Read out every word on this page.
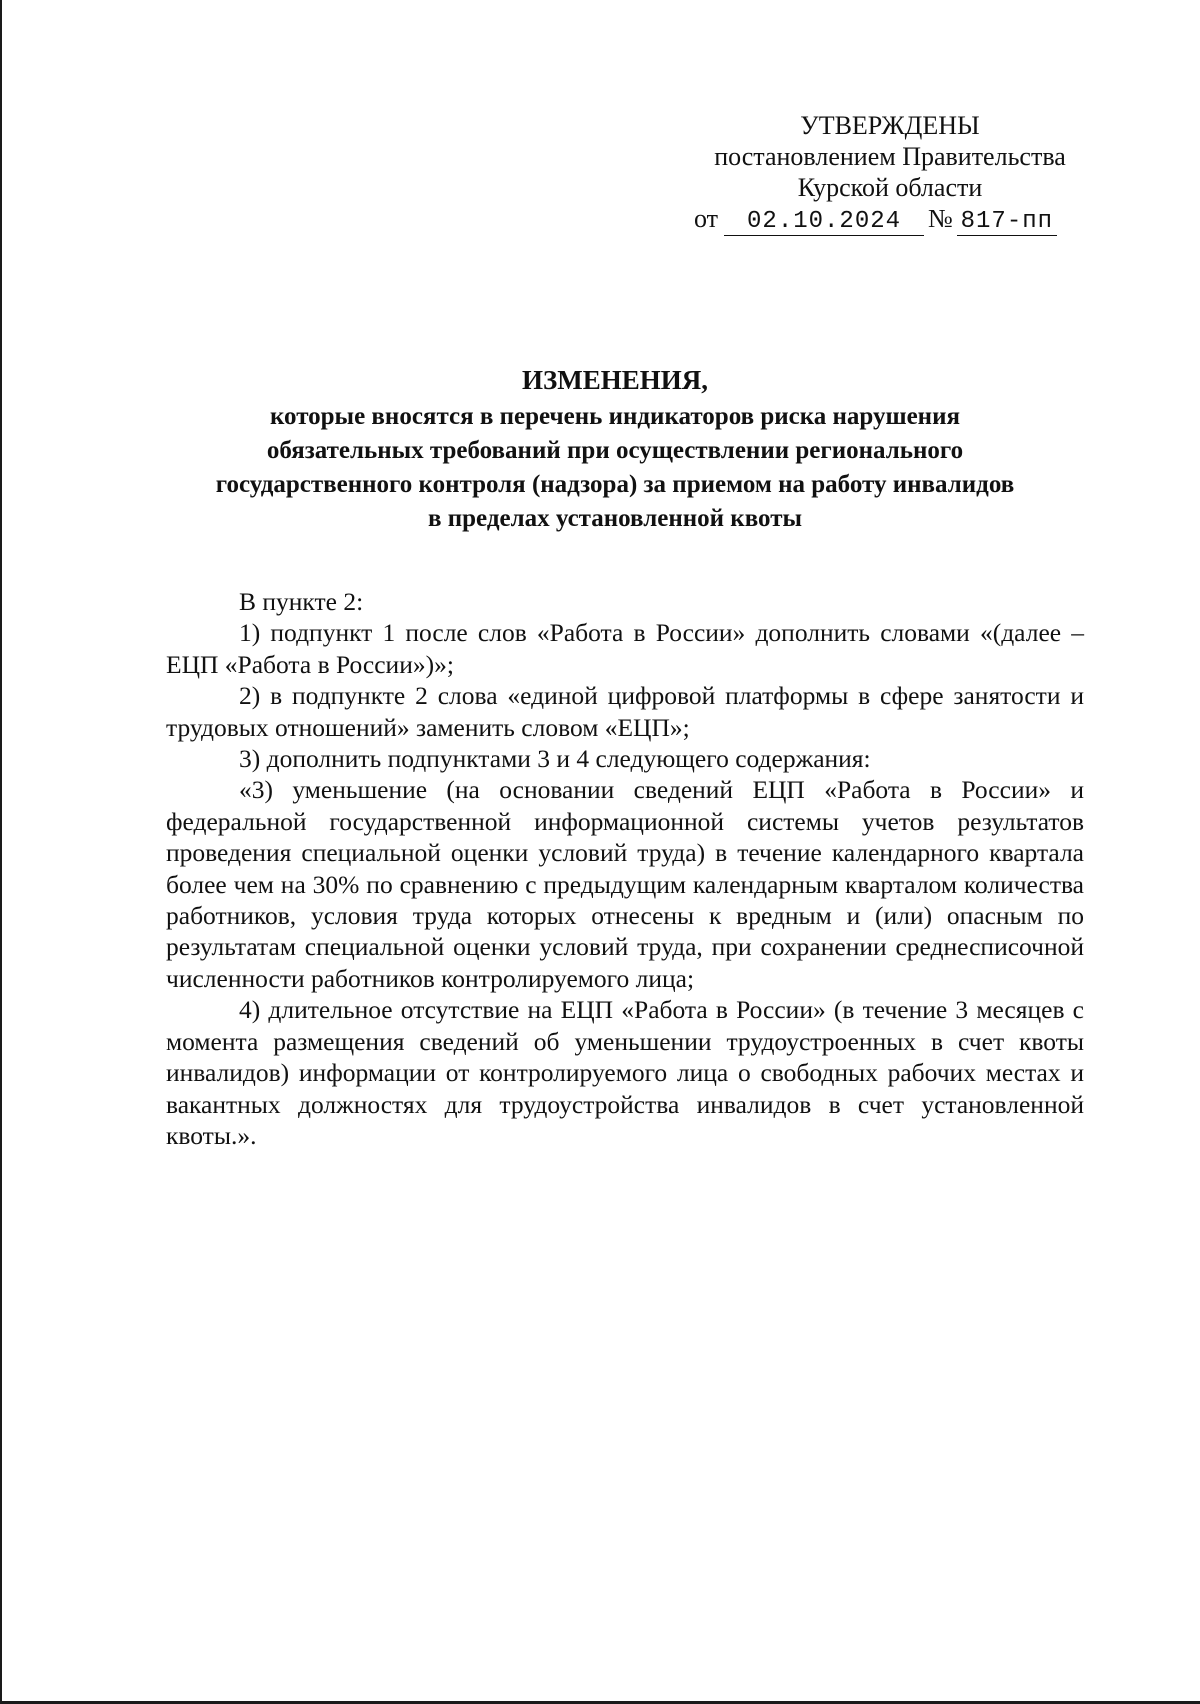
УТВЕРЖДЕНЫ
постановлением Правительства
Курской области
от 02.10.2024 № 817-пп
ИЗМЕНЕНИЯ,
которые вносятся в перечень индикаторов риска нарушения
обязательных требований при осуществлении регионального
государственного контроля (надзора) за приемом на работу инвалидов
в пределах установленной квоты

В пункте 2:

1) подпункт 1 после слов «Работа в России» дополнить словами «(далее – ЕЦП «Работа в России»)»;

2) в подпункте 2 слова «единой цифровой платформы в сфере занятости и трудовых отношений» заменить словом «ЕЦП»;

3) дополнить подпунктами 3 и 4 следующего содержания:

«3) уменьшение (на основании сведений ЕЦП «Работа в России» и федеральной государственной информационной системы учетов результатов проведения специальной оценки условий труда) в течение календарного квартала более чем на 30% по сравнению с предыдущим календарным кварталом количества работников, условия труда которых отнесены к вредным и (или) опасным по результатам специальной оценки условий труда, при сохранении среднесписочной численности работников контролируемого лица;

4) длительное отсутствие на ЕЦП «Работа в России» (в течение 3 месяцев с момента размещения сведений об уменьшении трудоустроенных в счет квоты инвалидов) информации от контролируемого лица о свободных рабочих местах и вакантных должностях для трудоустройства инвалидов в счет установленной квоты.».
